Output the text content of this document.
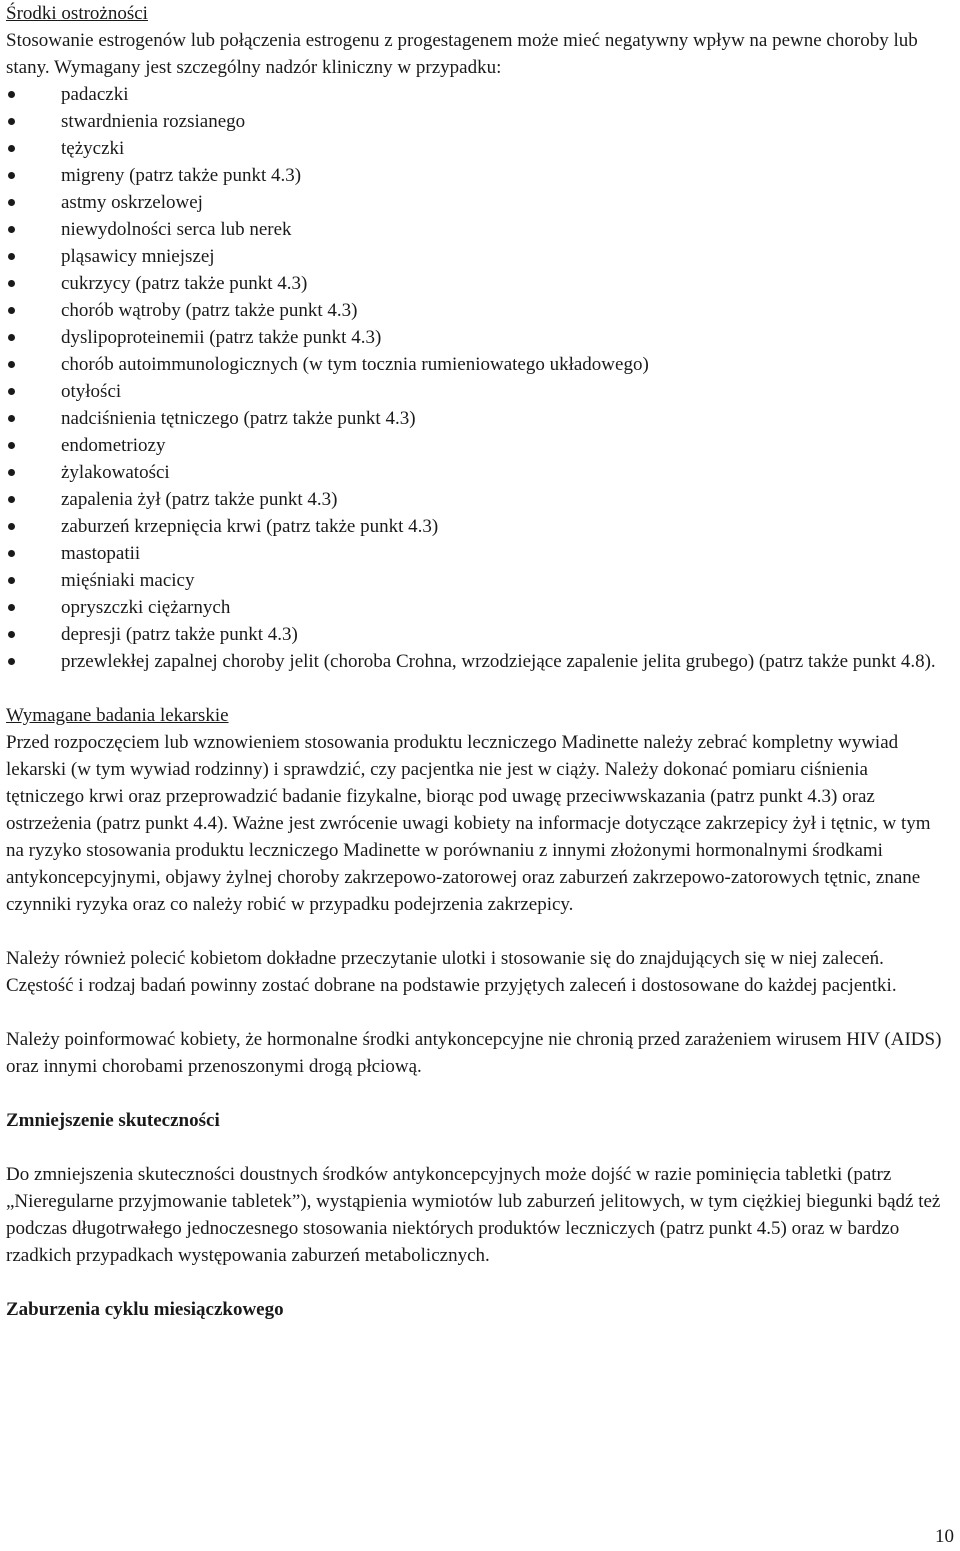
Środki ostrożności

Stosowanie estrogenów lub połączenia estrogenu z progestagenem może mieć negatywny wpływ na pewne choroby lub stany. Wymagany jest szczególny nadzór kliniczny w przypadku:

padaczki
stwardnienia rozsianego
tężyczki
migreny (patrz także punkt 4.3)
astmy oskrzelowej
niewydolności serca lub nerek
pląsawicy mniejszej
cukrzycy (patrz także punkt 4.3)
chorób wątroby (patrz także punkt 4.3)
dyslipoproteinemii (patrz także punkt 4.3)
chorób autoimmunologicznych (w tym tocznia rumieniowatego układowego)
otyłości
nadciśnienia tętniczego (patrz także punkt 4.3)
endometriozy
żylakowatości
zapalenia żył (patrz także punkt 4.3)
zaburzeń krzepnięcia krwi (patrz także punkt 4.3)
mastopatii
mięśniaki macicy
opryszczki ciężarnych
depresji (patrz także punkt 4.3)
przewlekłej zapalnej choroby jelit (choroba Crohna, wrzodziejące zapalenie jelita grubego) (patrz także punkt 4.8).

Wymagane badania lekarskie

Przed rozpoczęciem lub wznowieniem stosowania produktu leczniczego Madinette należy zebrać kompletny wywiad lekarski (w tym wywiad rodzinny) i sprawdzić, czy pacjentka nie jest w ciąży. Należy dokonać pomiaru ciśnienia tętniczego krwi oraz przeprowadzić badanie fizykalne, biorąc pod uwagę przeciwwskazania (patrz punkt 4.3) oraz ostrzeżenia (patrz punkt 4.4). Ważne jest zwrócenie uwagi kobiety na informacje dotyczące zakrzepicy żył i tętnic, w tym na ryzyko stosowania produktu leczniczego Madinette w porównaniu z innymi złożonymi hormonalnymi środkami antykoncepcyjnymi, objawy żylnej choroby zakrzepowo-zatorowej oraz zaburzeń zakrzepowo-zatorowych tętnic, znane czynniki ryzyka oraz co należy robić w przypadku podejrzenia zakrzepicy.

Należy również polecić kobietom dokładne przeczytanie ulotki i stosowanie się do znajdujących się w niej zaleceń. Częstość i rodzaj badań powinny zostać dobrane na podstawie przyjętych zaleceń i dostosowane do każdej pacjentki.

Należy poinformować kobiety, że hormonalne środki antykoncepcyjne nie chronią przed zarażeniem wirusem HIV (AIDS) oraz innymi chorobami przenoszonymi drogą płciową.

Zmniejszenie skuteczności

Do zmniejszenia skuteczności doustnych środków antykoncepcyjnych może dojść w razie pominięcia tabletki (patrz „Nieregularne przyjmowanie tabletek”), wystąpienia wymiotów lub zaburzeń jelitowych, w tym ciężkiej biegunki bądź też podczas długotrwałego jednoczesnego stosowania niektórych produktów leczniczych (patrz punkt 4.5) oraz w bardzo rzadkich przypadkach występowania zaburzeń metabolicznych.

Zaburzenia cyklu miesiączkowego

10
